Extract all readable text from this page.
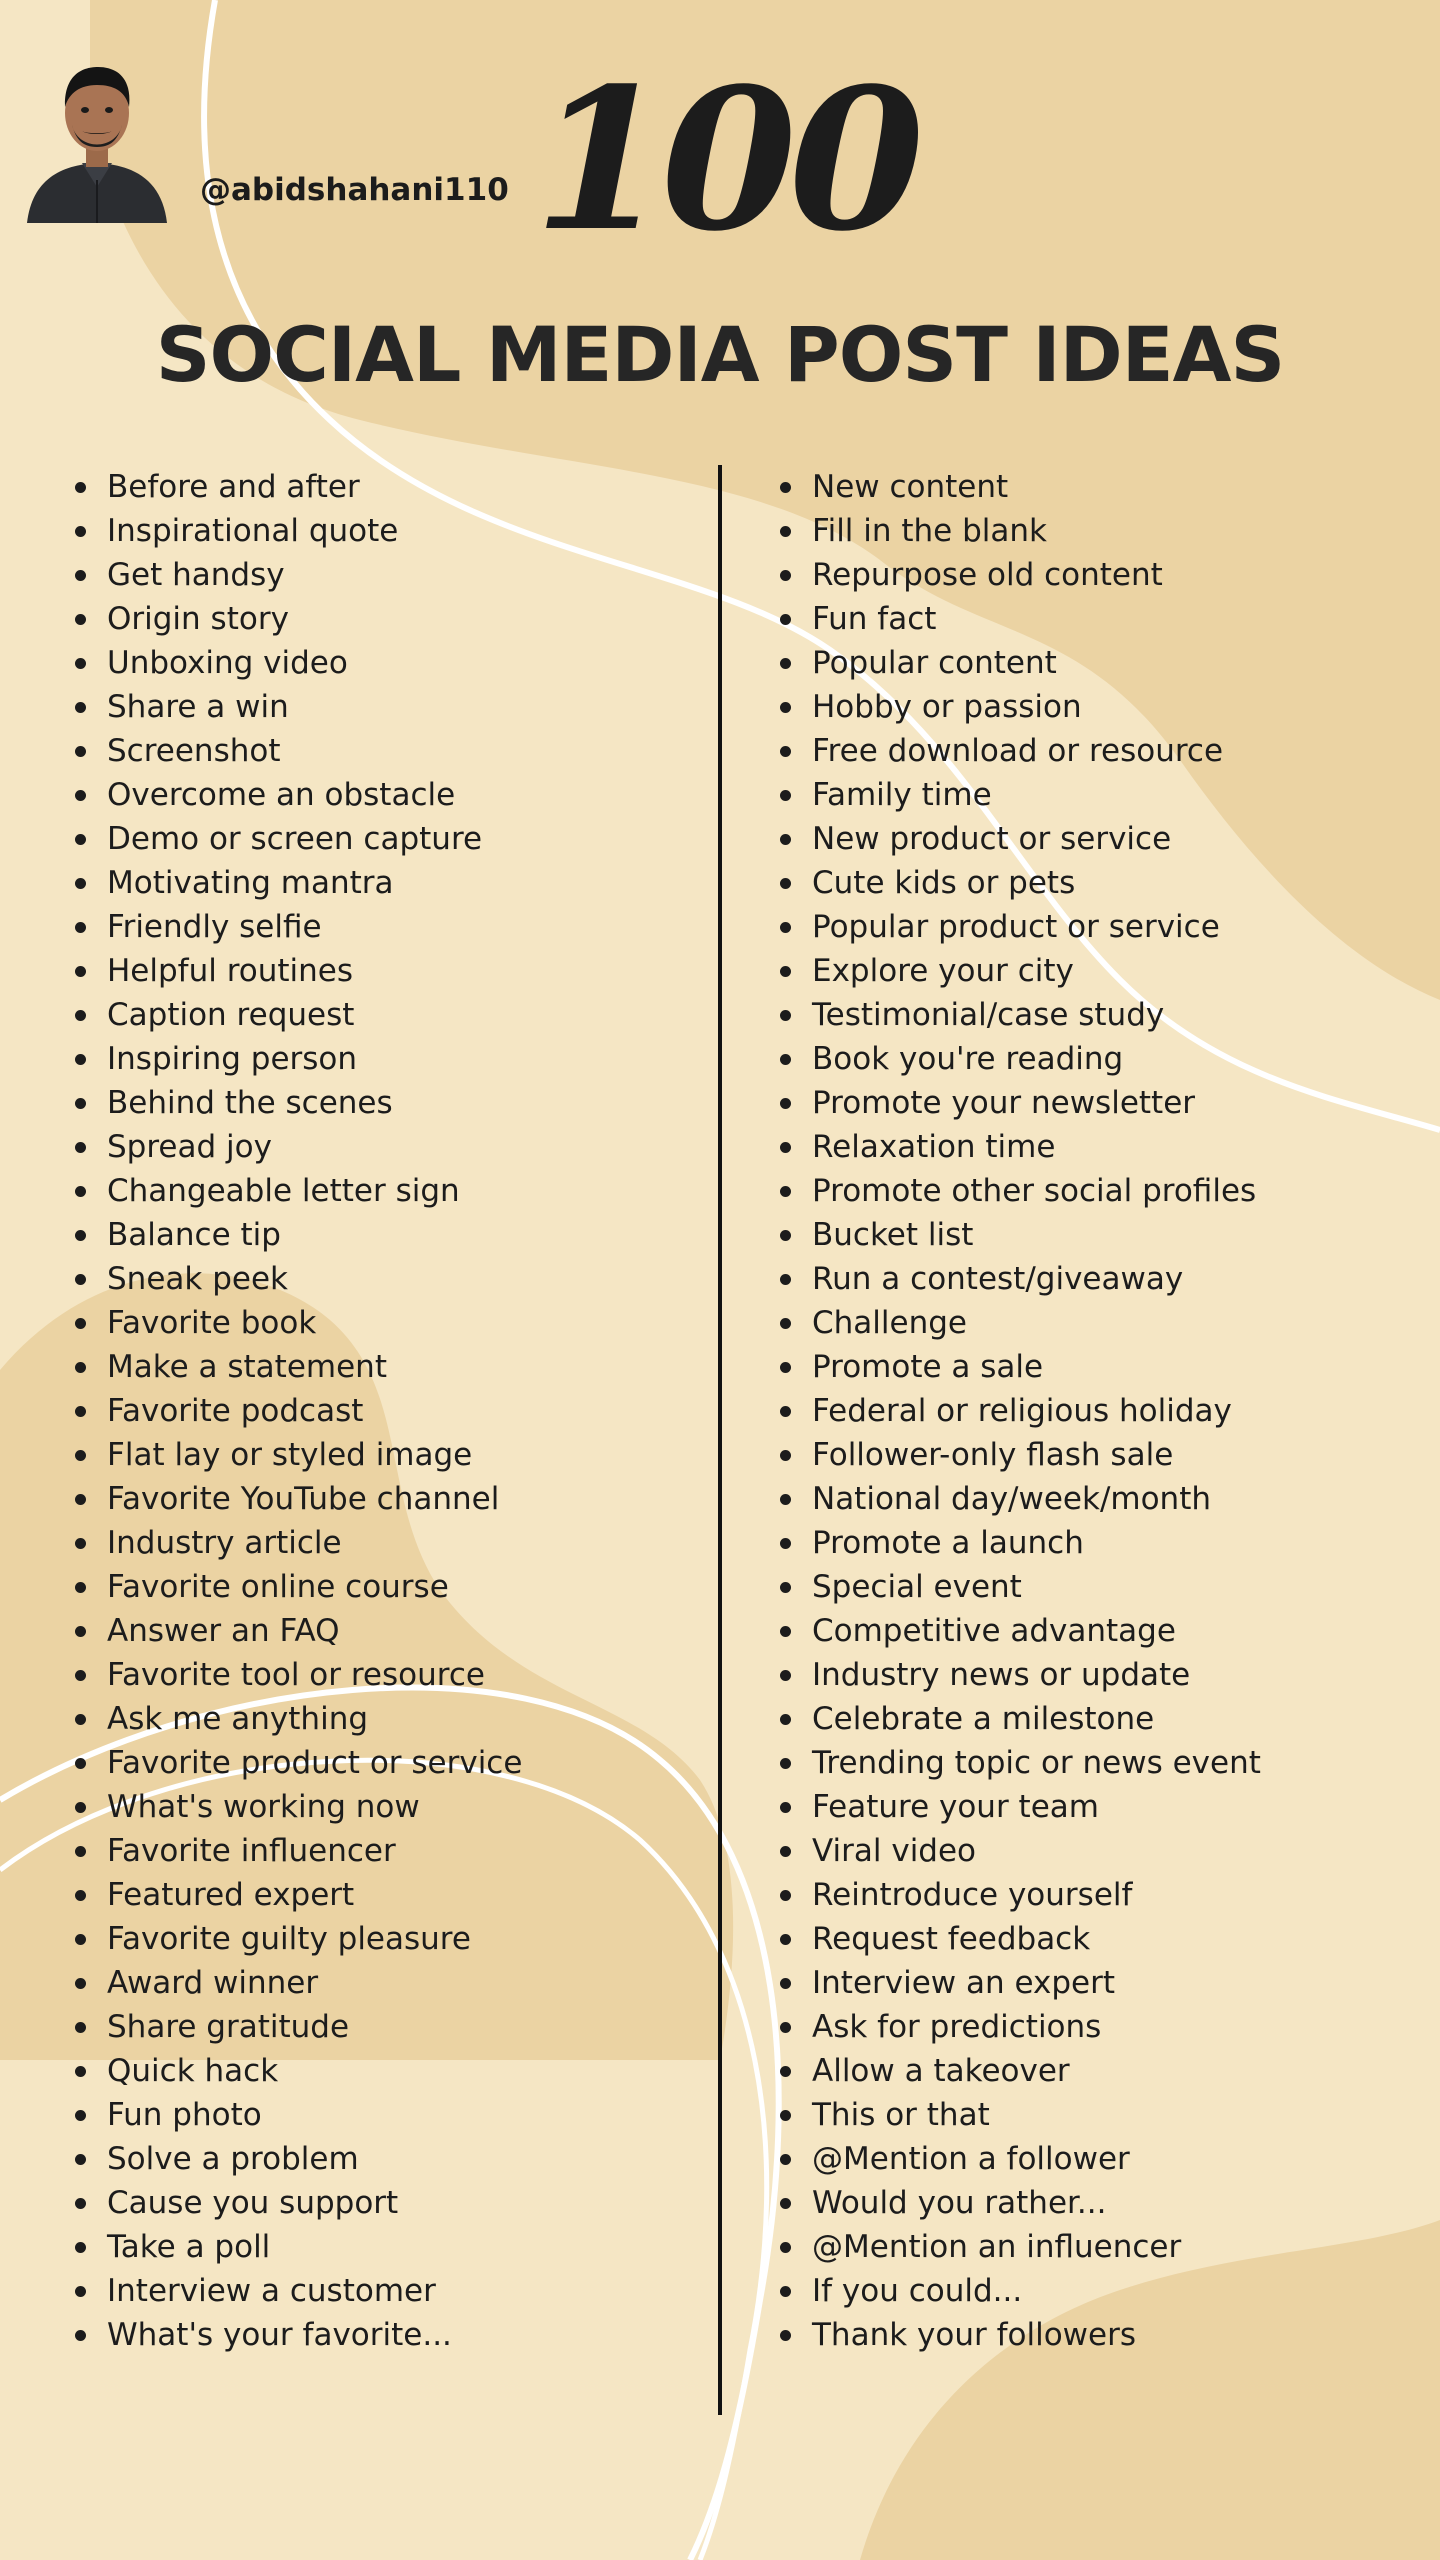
@abidshahani110 100
SOCIAL MEDIA POST IDEAS
Before and after
Inspirational quote
Get handsy
Origin story
Unboxing video
Share a win
Screenshot
Overcome an obstacle
Demo or screen capture
Motivating mantra
Friendly selfie
Helpful routines
Caption request
Inspiring person
Behind the scenes
Spread joy
Changeable letter sign
Balance tip
Sneak peek
Favorite book
Make a statement
Favorite podcast
Flat lay or styled image
Favorite YouTube channel
Industry article
Favorite online course
Answer an FAQ
Favorite tool or resource
Ask me anything
Favorite product or service
What's working now
Favorite influencer
Featured expert
Favorite guilty pleasure
Award winner
Share gratitude
Quick hack
Fun photo
Solve a problem
Cause you support
Take a poll
Interview a customer
What's your favorite...
New content
Fill in the blank
Repurpose old content
Fun fact
Popular content
Hobby or passion
Free download or resource
Family time
New product or service
Cute kids or pets
Popular product or service
Explore your city
Testimonial/case study
Book you're reading
Promote your newsletter
Relaxation time
Promote other social profiles
Bucket list
Run a contest/giveaway
Challenge
Promote a sale
Federal or religious holiday
Follower-only flash sale
National day/week/month
Promote a launch
Special event
Competitive advantage
Industry news or update
Celebrate a milestone
Trending topic or news event
Feature your team
Viral video
Reintroduce yourself
Request feedback
Interview an expert
Ask for predictions
Allow a takeover
This or that
@Mention a follower
Would you rather...
@Mention an influencer
If you could...
Thank your followers
